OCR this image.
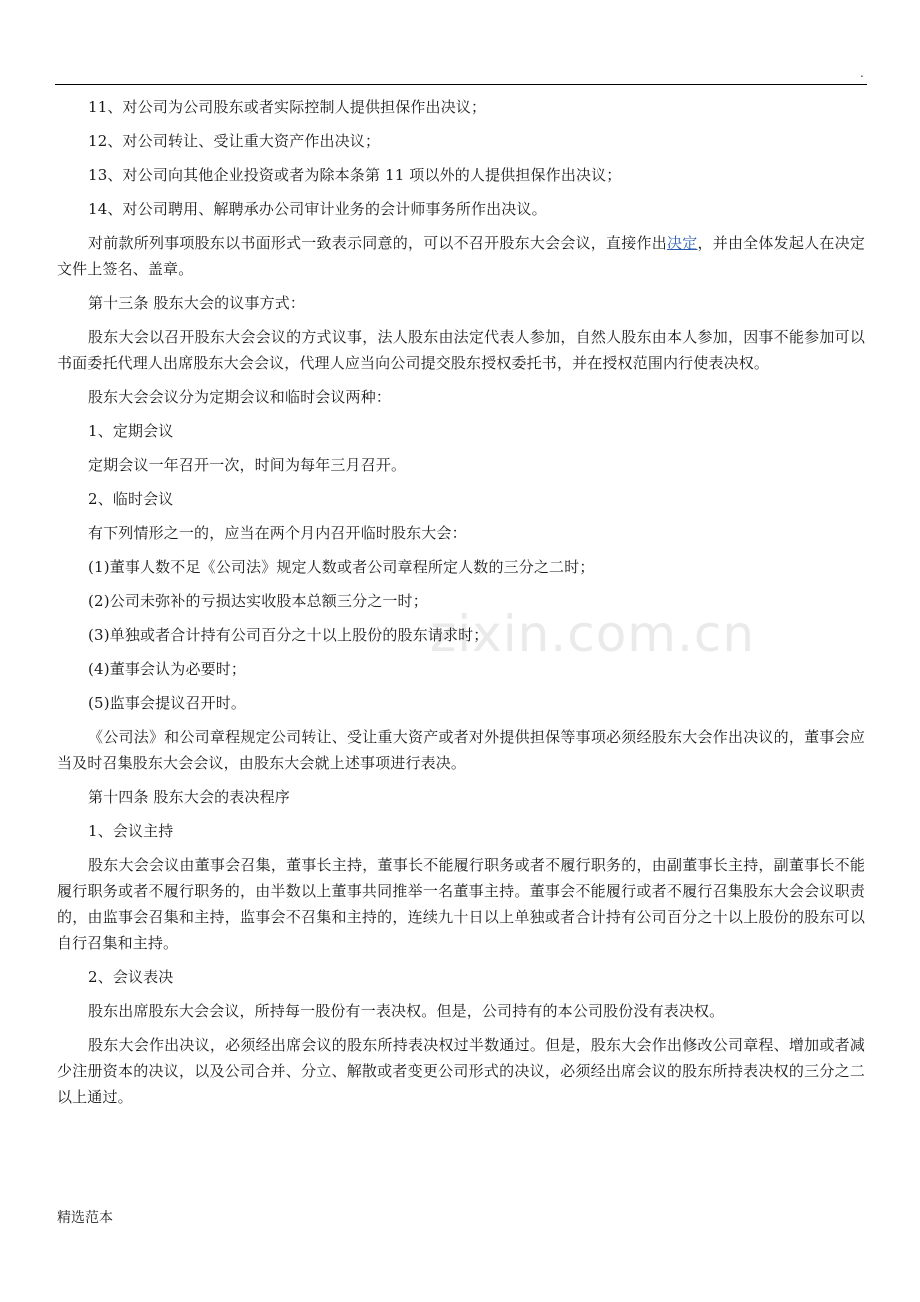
.
zixin.com.cn

11、对公司为公司股东或者实际控制人提供担保作出决议；

12、对公司转让、受让重大资产作出决议；

13、对公司向其他企业投资或者为除本条第 11 项以外的人提供担保作出决议；

14、对公司聘用、解聘承办公司审计业务的会计师事务所作出决议。

对前款所列事项股东以书面形式一致表示同意的，可以不召开股东大会会议，直接作出决定，并由全体发起人在决定文件上签名、盖章。

第十三条 股东大会的议事方式：

股东大会以召开股东大会会议的方式议事，法人股东由法定代表人参加，自然人股东由本人参加，因事不能参加可以书面委托代理人出席股东大会会议，代理人应当向公司提交股东授权委托书，并在授权范围内行使表决权。

股东大会会议分为定期会议和临时会议两种：

1、定期会议

定期会议一年召开一次，时间为每年三月召开。

2、临时会议

有下列情形之一的，应当在两个月内召开临时股东大会：

(1)董事人数不足《公司法》规定人数或者公司章程所定人数的三分之二时；

(2)公司未弥补的亏损达实收股本总额三分之一时；

(3)单独或者合计持有公司百分之十以上股份的股东请求时；

(4)董事会认为必要时；

(5)监事会提议召开时。

《公司法》和公司章程规定公司转让、受让重大资产或者对外提供担保等事项必须经股东大会作出决议的，董事会应当及时召集股东大会会议，由股东大会就上述事项进行表决。

第十四条 股东大会的表决程序

1、会议主持

股东大会会议由董事会召集，董事长主持，董事长不能履行职务或者不履行职务的，由副董事长主持，副董事长不能履行职务或者不履行职务的，由半数以上董事共同推举一名董事主持。董事会不能履行或者不履行召集股东大会会议职责的，由监事会召集和主持，监事会不召集和主持的，连续九十日以上单独或者合计持有公司百分之十以上股份的股东可以自行召集和主持。

2、会议表决

股东出席股东大会会议，所持每一股份有一表决权。但是，公司持有的本公司股份没有表决权。

股东大会作出决议，必须经出席会议的股东所持表决权过半数通过。但是，股东大会作出修改公司章程、增加或者减少注册资本的决议，以及公司合并、分立、解散或者变更公司形式的决议，必须经出席会议的股东所持表决权的三分之二以上通过。

精选范本
